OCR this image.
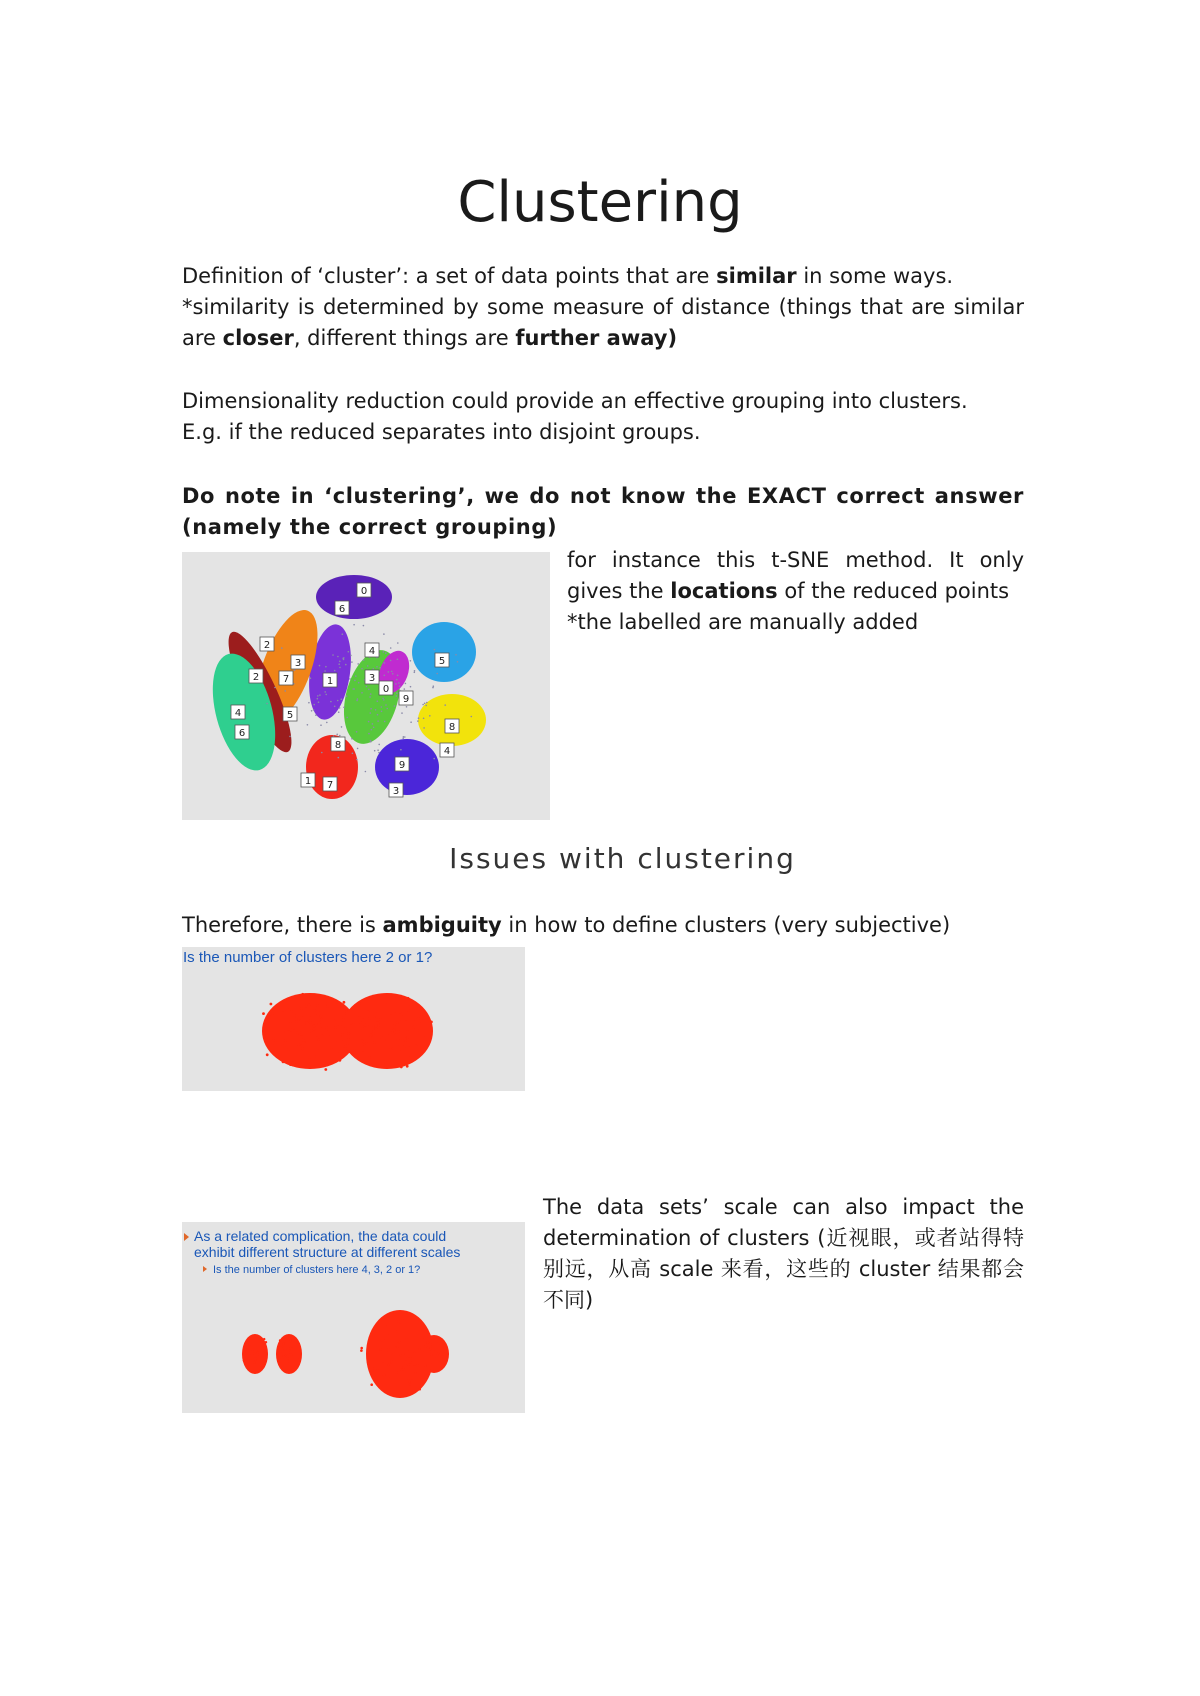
Clustering

Definition of ‘cluster’: a set of data points that are similar in some ways.
*similarity is determined by some measure of distance (things that are similar are closer, different things are further away)

Dimensionality reduction could provide an effective grouping into clusters.
E.g. if the reduced separates into disjoint groups.

Do note in ‘clustering’, we do not know the EXACT correct answer (namely the correct grouping)

0
6
2
3
7	1
4
5
9
8
4
9
3
8
7
1
0
3
2
5
4
6

for instance this t-SNE method. It only gives the locations of the reduced points
*the labelled are manually added

Issues with clustering

Therefore, there is ambiguity in how to define clusters (very subjective)

Is the number of clusters here 2 or 1?
As a related complication, the data could
exhibit different structure at different scales
Is the number of clusters here 4, 3, 2 or 1?

The data sets’ scale can also impact the determination of clusters (近视眼，或者站得特别远，从高 scale 来看，这些的 cluster 结果都会不同)
